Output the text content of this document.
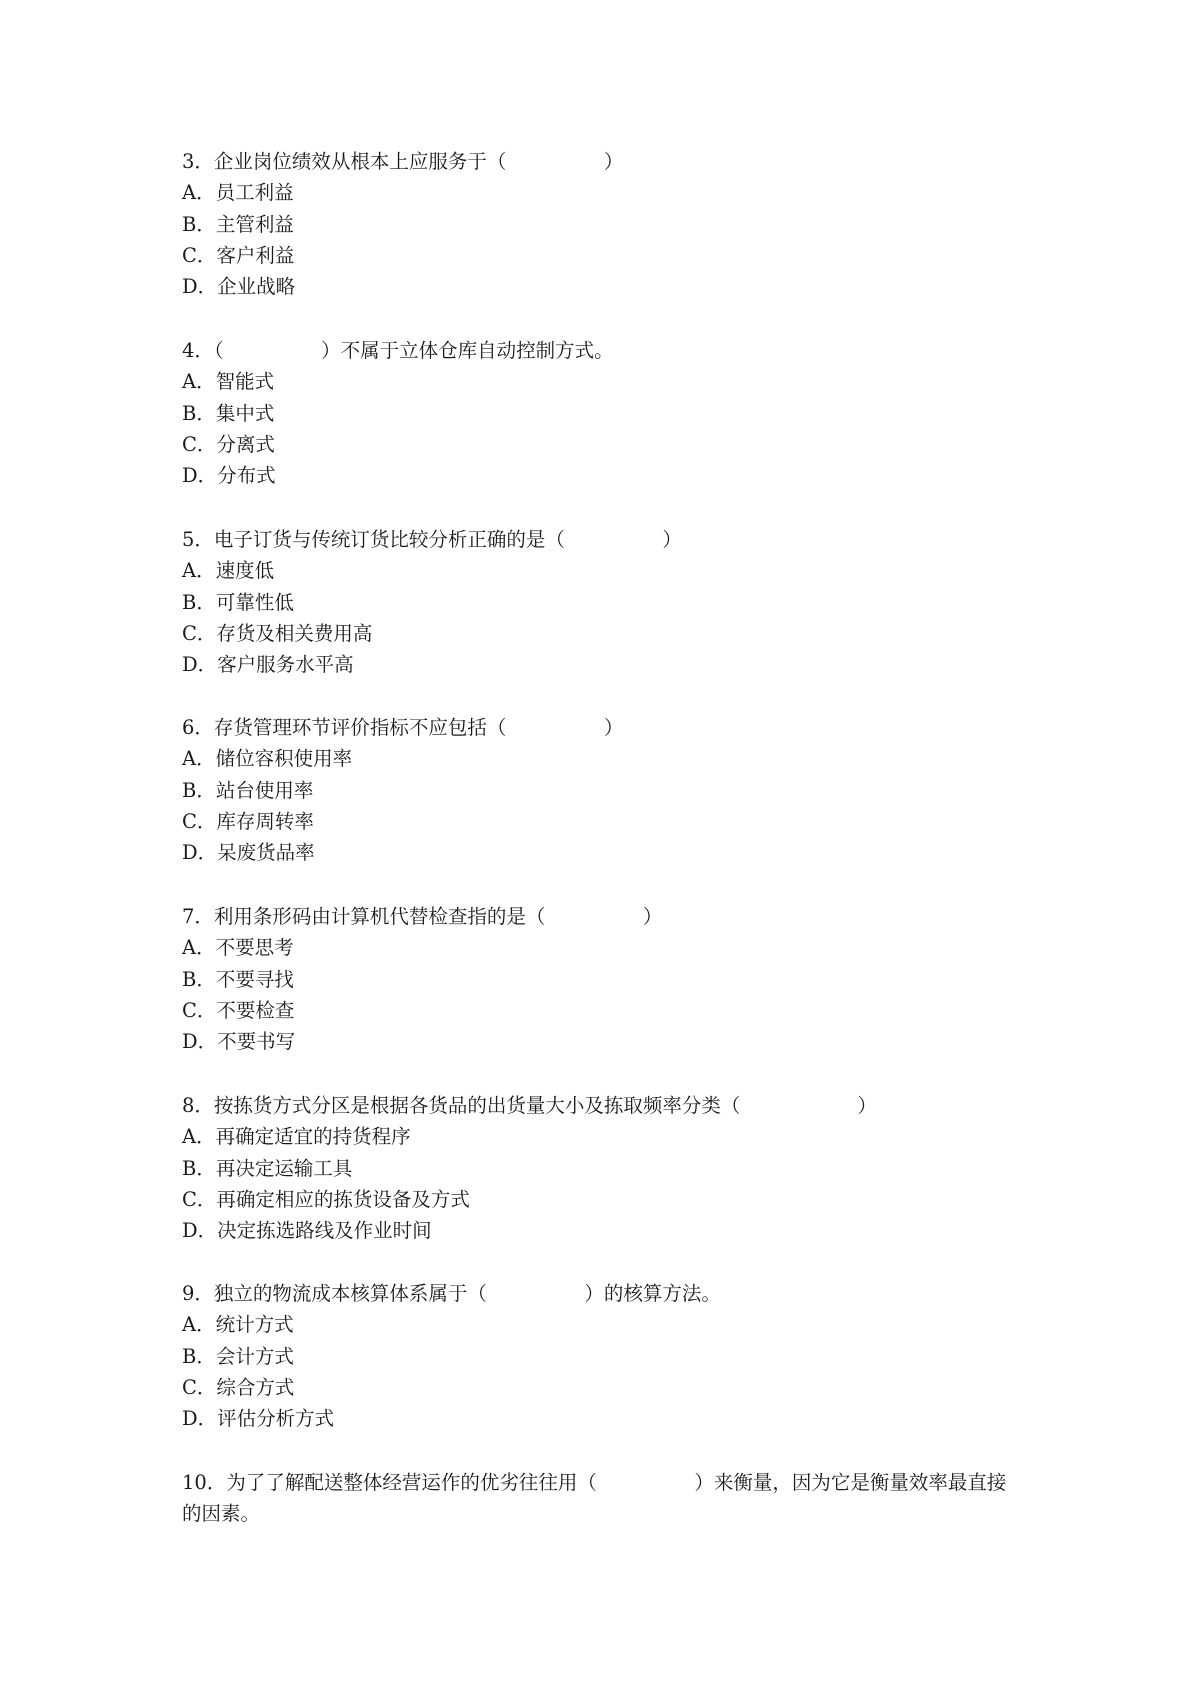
3．企业岗位绩效从根本上应服务于（　　　　　）
A．员工利益
B．主管利益
C．客户利益
D．企业战略
4．（　　　　　）不属于立体仓库自动控制方式。
A．智能式
B．集中式
C．分离式
D．分布式
5．电子订货与传统订货比较分析正确的是（　　　　　）
A．速度低
B．可靠性低
C．存货及相关费用高
D．客户服务水平高
6．存货管理环节评价指标不应包括（　　　　　）
A．储位容积使用率
B．站台使用率
C．库存周转率
D．呆废货品率
7．利用条形码由计算机代替检查指的是（　　　　　）
A．不要思考
B．不要寻找
C．不要检查
D．不要书写
8．按拣货方式分区是根据各货品的出货量大小及拣取频率分类（　　　　　　）
A．再确定适宜的持货程序
B．再决定运输工具
C．再确定相应的拣货设备及方式
D．决定拣选路线及作业时间
9．独立的物流成本核算体系属于（　　　　　）的核算方法。
A．统计方式
B．会计方式
C．综合方式
D．评估分析方式
10．为了了解配送整体经营运作的优劣往往用（　　　　　）来衡量，因为它是衡量效率最直接的因素。
